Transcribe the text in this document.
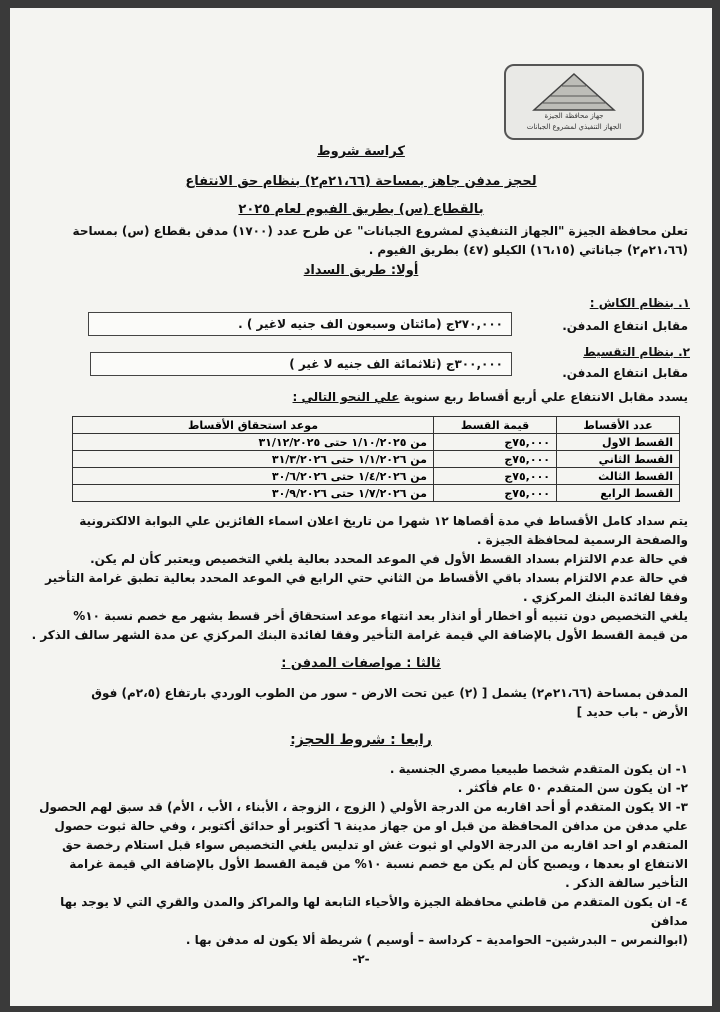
جهاز محافظة الجيزة
الجهاز التنفيذي لمشروع الجبانات
كراسة شروط
لحجز مدفن جاهز بمساحة (٢١،٦٦م٢) بنظام حق الانتفاع
بالقطاع (س) بطريق الفيوم لعام ٢٠٢٥
تعلن محافظة الجيزة "الجهاز التنفيذي لمشروع الجبانات" عن طرح عدد (١٧٠٠) مدفن بقطاع (س) بمساحة
(٢١،٦٦م٢) جباناتي (١٦،١٥) الكيلو (٤٧) بطريق الفيوم .
أولا: طريق السداد
١. بنظام الكاش :
مقابل انتفاع المدفن.
٢٧٠,٠٠٠ج (مائتان وسبعون الف جنيه لاغير ) .
٢. بنظام التقسيط
مقابل انتفاع المدفن.
٣٠٠,٠٠٠ج (ثلاثمائة الف جنيه لا غير )
يسدد مقابل الانتفاع علي أربع أقساط ربع سنوية علي النحو التالي :
عدد الأقساط	قيمة القسط	موعد استحقاق الأقساط
القسط الاول	٧٥,٠٠٠ج	من ١/١٠/٢٠٢٥ حتى ٣١/١٢/٢٠٢٥
القسط الثاني	٧٥,٠٠٠ج	من ١/١/٢٠٢٦ حتى ٣١/٣/٢٠٢٦
القسط الثالث	٧٥,٠٠٠ج	من ١/٤/٢٠٢٦ حتى ٣٠/٦/٢٠٢٦
القسط الرابع	٧٥,٠٠٠ج	من ١/٧/٢٠٢٦ حتى ٣٠/٩/٢٠٢٦
يتم سداد كامل الأقساط في مدة أقصاها ١٢ شهرا من تاريخ اعلان اسماء الفائزين علي البوابة الالكترونية
والصفحة الرسمية لمحافظة الجيزة .
في حالة عدم الالتزام بسداد القسط الأول في الموعد المحدد بعالية يلغي التخصيص ويعتبر كأن لم يكن.
في حالة عدم الالتزام بسداد باقي الأقساط من الثاني حتي الرابع في الموعد المحدد بعالية تطبق غرامة التأخير
وفقا لفائدة البنك المركزي .
يلغي التخصيص دون تنبيه أو اخطار أو انذار بعد انتهاء موعد استحقاق أخر قسط بشهر مع خصم نسبة ١٠%
من قيمة القسط الأول بالإضافة الي قيمة غرامة التأخير وفقا لفائدة البنك المركزي عن مدة الشهر سالف الذكر .
ثالثا : مواصفات المدفن :
المدفن بمساحة (٢١،٦٦م٢) يشمل [ (٢) عين تحت الارض - سور من الطوب الوردي بارتفاع (٢،٥م) فوق
الأرض - باب حديد ]
رابعا : شروط الحجز:
١- ان يكون المتقدم شخصا طبيعيا مصري الجنسية .
٢- ان يكون سن المتقدم ٥٠ عام فأكثر .
٣- الا يكون المتقدم أو أحد اقاربه من الدرجة الأولي ( الزوج ، الزوجة ، الأبناء ، الأب ، الأم) قد سبق لهم الحصول
علي مدفن من مدافن المحافظة من قبل او من جهاز مدينة ٦ أكتوبر أو حدائق أكتوبر ، وفي حالة ثبوت حصول
المتقدم او احد اقاربه من الدرجة الاولي او ثبوت غش او تدليس يلغي التخصيص سواء قبل استلام رخصة حق
الانتفاع او بعدها ، ويصبح كأن لم يكن مع خصم نسبة ١٠% من قيمة القسط الأول بالإضافة الي قيمة غرامة
التأخير سالفة الذكر .
٤- ان يكون المتقدم من قاطني محافظة الجيزة والأحياء التابعة لها والمراكز والمدن والقري التي لا يوجد بها مدافن
(ابوالنمرس – البدرشين– الحوامدية – كرداسة – أوسيم ) شريطة ألا يكون له مدفن بها .
-٢-
